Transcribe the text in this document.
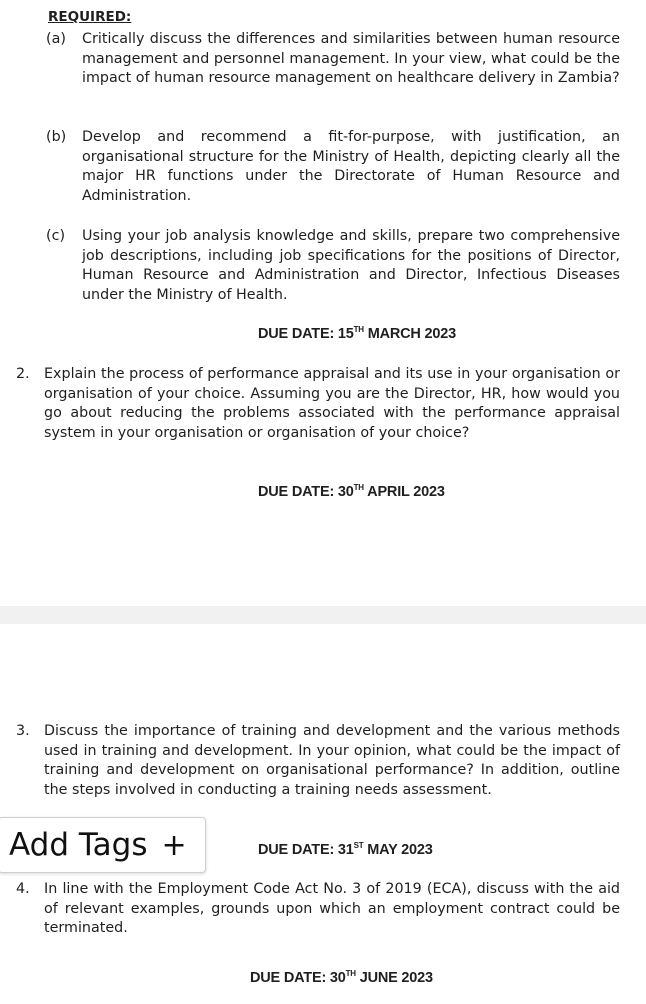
REQUIRED:
(a) Critically discuss the differences and similarities between human resource management and personnel management. In your view, what could be the impact of human resource management on healthcare delivery in Zambia?
(b) Develop and recommend a fit-for-purpose, with justification, an organisational structure for the Ministry of Health, depicting clearly all the major HR functions under the Directorate of Human Resource and Administration.
(c) Using your job analysis knowledge and skills, prepare two comprehensive job descriptions, including job specifications for the positions of Director, Human Resource and Administration and Director, Infectious Diseases under the Ministry of Health.
DUE DATE: 15TH MARCH 2023
2. Explain the process of performance appraisal and its use in your organisation or organisation of your choice. Assuming you are the Director, HR, how would you go about reducing the problems associated with the performance appraisal system in your organisation or organisation of your choice?
DUE DATE: 30TH APRIL 2023
3. Discuss the importance of training and development and the various methods used in training and development. In your opinion, what could be the impact of training and development on organisational performance? In addition, outline the steps involved in conducting a training needs assessment.
DUE DATE: 31ST MAY 2023
4. In line with the Employment Code Act No. 3 of 2019 (ECA), discuss with the aid of relevant examples, grounds upon which an employment contract could be terminated.
DUE DATE: 30TH JUNE 2023
Add Tags +
